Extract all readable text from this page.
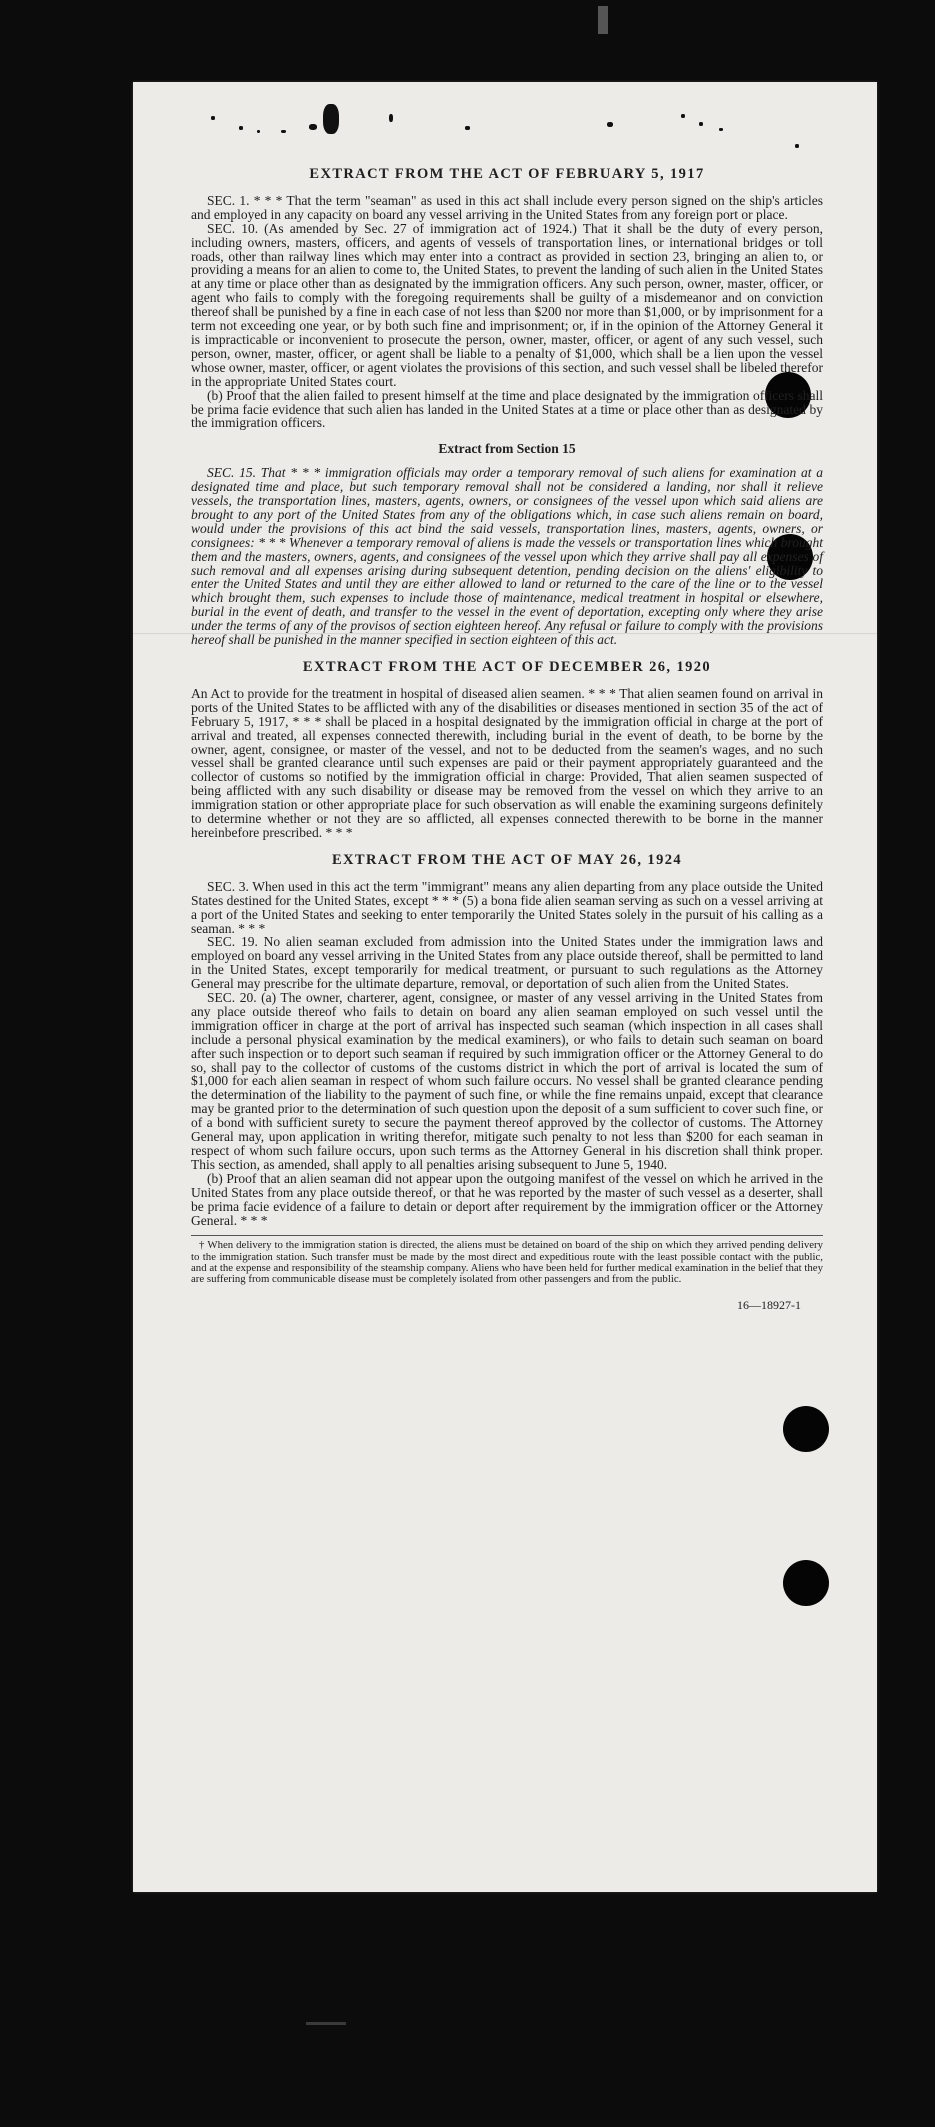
EXTRACT FROM THE ACT OF FEBRUARY 5, 1917

SEC. 1. * * * That the term "seaman" as used in this act shall include every person signed on the ship's articles and employed in any capacity on board any vessel arriving in the United States from any foreign port or place.

SEC. 10. (As amended by Sec. 27 of immigration act of 1924.) That it shall be the duty of every person, including owners, masters, officers, and agents of vessels of transportation lines, or international bridges or toll roads, other than railway lines which may enter into a contract as provided in section 23, bringing an alien to, or providing a means for an alien to come to, the United States, to prevent the landing of such alien in the United States at any time or place other than as designated by the immigration officers. Any such person, owner, master, officer, or agent who fails to comply with the foregoing requirements shall be guilty of a misdemeanor and on conviction thereof shall be punished by a fine in each case of not less than $200 nor more than $1,000, or by imprisonment for a term not exceeding one year, or by both such fine and imprisonment; or, if in the opinion of the Attorney General it is impracticable or inconvenient to prosecute the person, owner, master, officer, or agent of any such vessel, such person, owner, master, officer, or agent shall be liable to a penalty of $1,000, which shall be a lien upon the vessel whose owner, master, officer, or agent violates the provisions of this section, and such vessel shall be libeled therefor in the appropriate United States court.

(b) Proof that the alien failed to present himself at the time and place designated by the immigration officers shall be prima facie evidence that such alien has landed in the United States at a time or place other than as designated by the immigration officers.

Extract from Section 15

SEC. 15. That * * * immigration officials may order a temporary removal of such aliens for examination at a designated time and place, but such temporary removal shall not be considered a landing, nor shall it relieve vessels, the transportation lines, masters, agents, owners, or consignees of the vessel upon which said aliens are brought to any port of the United States from any of the obligations which, in case such aliens remain on board, would under the provisions of this act bind the said vessels, transportation lines, masters, agents, owners, or consignees: * * * Whenever a temporary removal of aliens is made the vessels or transportation lines which brought them and the masters, owners, agents, and consignees of the vessel upon which they arrive shall pay all expenses of such removal and all expenses arising during subsequent detention, pending decision on the aliens' eligibility to enter the United States and until they are either allowed to land or returned to the care of the line or to the vessel which brought them, such expenses to include those of maintenance, medical treatment in hospital or elsewhere, burial in the event of death, and transfer to the vessel in the event of deportation, excepting only where they arise under the terms of any of the provisos of section eighteen hereof. Any refusal or failure to comply with the provisions hereof shall be punished in the manner specified in section eighteen of this act.

EXTRACT FROM THE ACT OF DECEMBER 26, 1920

An Act to provide for the treatment in hospital of diseased alien seamen. * * * That alien seamen found on arrival in ports of the United States to be afflicted with any of the disabilities or diseases mentioned in section 35 of the act of February 5, 1917, * * * shall be placed in a hospital designated by the immigration official in charge at the port of arrival and treated, all expenses connected therewith, including burial in the event of death, to be borne by the owner, agent, consignee, or master of the vessel, and not to be deducted from the seamen's wages, and no such vessel shall be granted clearance until such expenses are paid or their payment appropriately guaranteed and the collector of customs so notified by the immigration official in charge: Provided, That alien seamen suspected of being afflicted with any such disability or disease may be removed from the vessel on which they arrive to an immigration station or other appropriate place for such observation as will enable the examining surgeons definitely to determine whether or not they are so afflicted, all expenses connected therewith to be borne in the manner hereinbefore prescribed. * * *

EXTRACT FROM THE ACT OF MAY 26, 1924

SEC. 3. When used in this act the term "immigrant" means any alien departing from any place outside the United States destined for the United States, except * * * (5) a bona fide alien seaman serving as such on a vessel arriving at a port of the United States and seeking to enter temporarily the United States solely in the pursuit of his calling as a seaman. * * *

SEC. 19. No alien seaman excluded from admission into the United States under the immigration laws and employed on board any vessel arriving in the United States from any place outside thereof, shall be permitted to land in the United States, except temporarily for medical treatment, or pursuant to such regulations as the Attorney General may prescribe for the ultimate departure, removal, or deportation of such alien from the United States.

SEC. 20. (a) The owner, charterer, agent, consignee, or master of any vessel arriving in the United States from any place outside thereof who fails to detain on board any alien seaman employed on such vessel until the immigration officer in charge at the port of arrival has inspected such seaman (which inspection in all cases shall include a personal physical examination by the medical examiners), or who fails to detain such seaman on board after such inspection or to deport such seaman if required by such immigration officer or the Attorney General to do so, shall pay to the collector of customs of the customs district in which the port of arrival is located the sum of $1,000 for each alien seaman in respect of whom such failure occurs. No vessel shall be granted clearance pending the determination of the liability to the payment of such fine, or while the fine remains unpaid, except that clearance may be granted prior to the determination of such question upon the deposit of a sum sufficient to cover such fine, or of a bond with sufficient surety to secure the payment thereof approved by the collector of customs. The Attorney General may, upon application in writing therefor, mitigate such penalty to not less than $200 for each seaman in respect of whom such failure occurs, upon such terms as the Attorney General in his discretion shall think proper. This section, as amended, shall apply to all penalties arising subsequent to June 5, 1940.

(b) Proof that an alien seaman did not appear upon the outgoing manifest of the vessel on which he arrived in the United States from any place outside thereof, or that he was reported by the master of such vessel as a deserter, shall be prima facie evidence of a failure to detain or deport after requirement by the immigration officer or the Attorney General. * * *

† When delivery to the immigration station is directed, the aliens must be detained on board of the ship on which they arrived pending delivery to the immigration station. Such transfer must be made by the most direct and expeditious route with the least possible contact with the public, and at the expense and responsibility of the steamship company. Aliens who have been held for further medical examination in the belief that they are suffering from communicable disease must be completely isolated from other passengers and from the public.

16—18927-1
